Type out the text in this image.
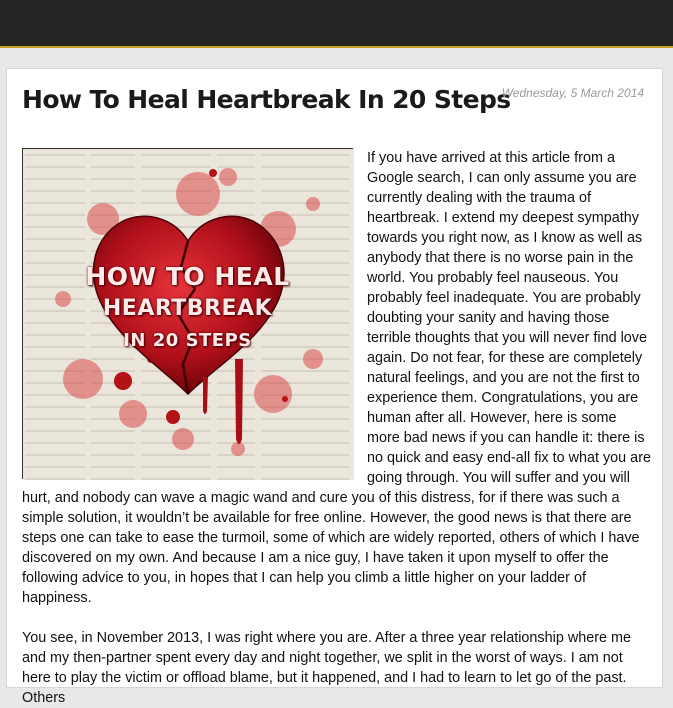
How To Heal Heartbreak In 20 Steps
Wednesday, 5 March 2014
HOW TO HEAL
HEARTBREAK
IN 20 STEPS

If you have arrived at this article from a Google search, I can only assume you are currently dealing with the trauma of heartbreak. I extend my deepest sympathy towards you right now, as I know as well as anybody that there is no worse pain in the world. You probably feel nauseous. You probably feel inadequate. You are probably doubting your sanity and having those terrible thoughts that you will never find love again. Do not fear, for these are completely natural feelings, and you are not the first to experience them. Congratulations, you are human after all. However, here is some more bad news if you can handle it: there is no quick and easy end-all fix to what you are going through. You will suffer and you will hurt, and nobody can wave a magic wand and cure you of this distress, for if there was such a simple solution, it wouldn’t be available for free online. However, the good news is that there are steps one can take to ease the turmoil, some of which are widely reported, others of which I have discovered on my own. And because I am a nice guy, I have taken it upon myself to offer the following advice to you, in hopes that I can help you climb a little higher on your ladder of happiness.

You see, in November 2013, I was right where you are. After a three year relationship where me and my then-partner spent every day and night together, we split in the worst of ways. I am not here to play the victim or offload blame, but it happened, and I had to learn to let go of the past. Others
